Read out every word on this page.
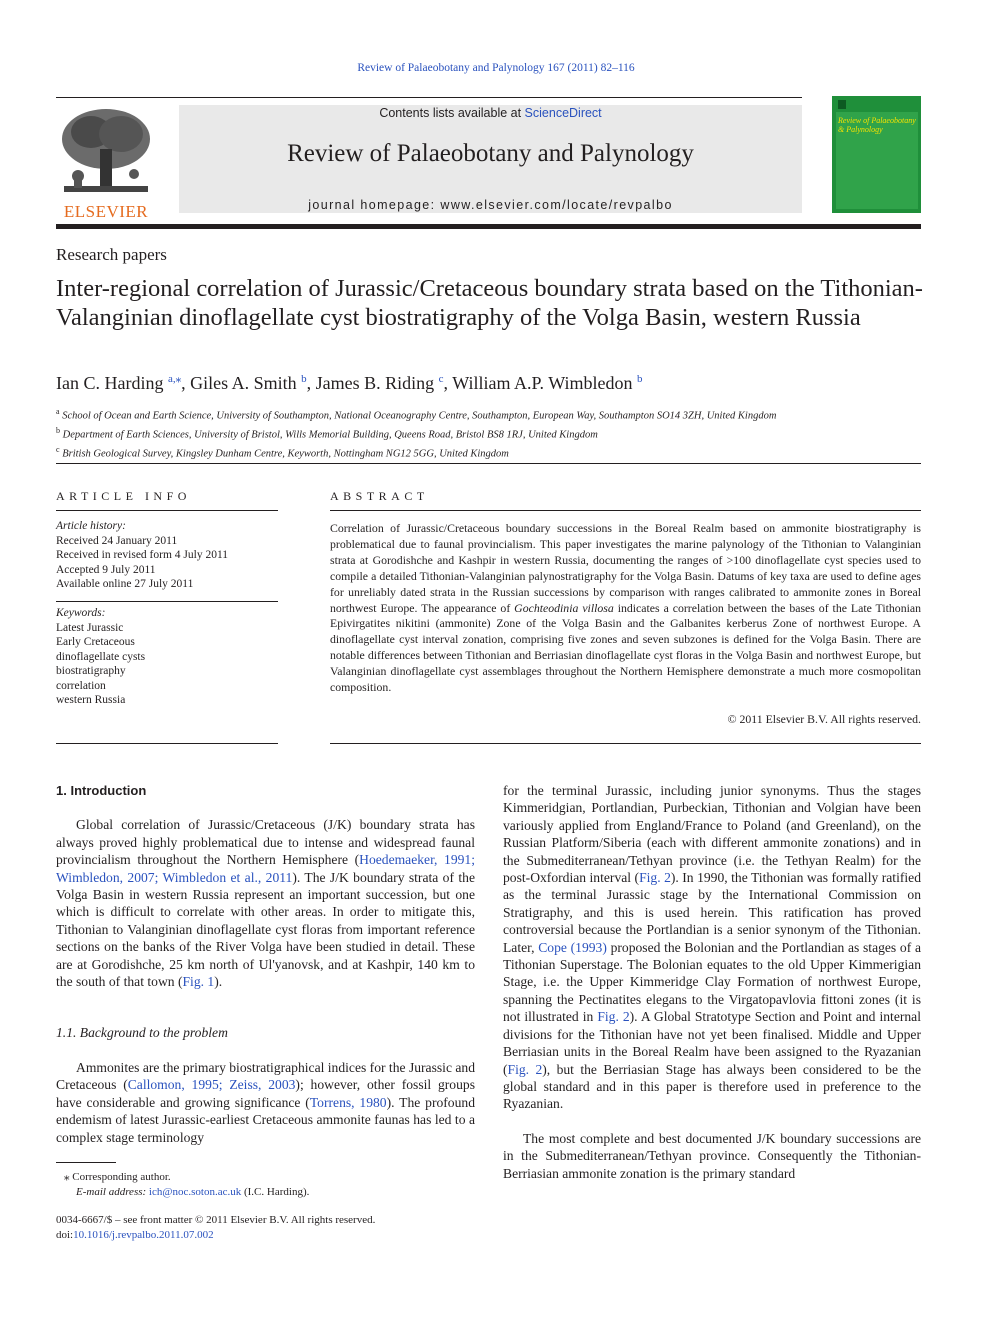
Review of Palaeobotany and Palynology 167 (2011) 82–116
ELSEVIER
Contents lists available at ScienceDirect
Review of Palaeobotany and Palynology
journal homepage: www.elsevier.com/locate/revpalbo
Review of Palaeobotany & Palynology
Research papers
Inter-regional correlation of Jurassic/Cretaceous boundary strata based on the Tithonian-Valanginian dinoflagellate cyst biostratigraphy of the Volga Basin, western Russia
Ian C. Harding $^{a,⁎}$, Giles A. Smith $^b$, James B. Riding $^c$, William A.P. Wimbledon $^b$
$^a$ School of Ocean and Earth Science, University of Southampton, National Oceanography Centre, Southampton, European Way, Southampton SO14 3ZH, United Kingdom
$^b$ Department of Earth Sciences, University of Bristol, Wills Memorial Building, Queens Road, Bristol BS8 1RJ, United Kingdom
$^c$ British Geological Survey, Kingsley Dunham Centre, Keyworth, Nottingham NG12 5GG, United Kingdom
ARTICLE INFO
Article history:
Received 24 January 2011
Received in revised form 4 July 2011
Accepted 9 July 2011
Available online 27 July 2011
Keywords:
Latest Jurassic
Early Cretaceous
dinoflagellate cysts
biostratigraphy
correlation
western Russia
ABSTRACT
Correlation of Jurassic/Cretaceous boundary successions in the Boreal Realm based on ammonite biostratigraphy is problematical due to faunal provincialism. This paper investigates the marine palynology of the Tithonian to Valanginian strata at Gorodishche and Kashpir in western Russia, documenting the ranges of >100 dinoflagellate cyst species used to compile a detailed Tithonian-Valanginian palynostratigraphy for the Volga Basin. Datums of key taxa are used to define ages for unreliably dated strata in the Russian successions by comparison with ranges calibrated to ammonite zones in Boreal northwest Europe. The appearance of Gochteodinia villosa indicates a correlation between the bases of the Late Tithonian Epivirgatites nikitini (ammonite) Zone of the Volga Basin and the Galbanites kerberus Zone of northwest Europe. A dinoflagellate cyst interval zonation, comprising five zones and seven subzones is defined for the Volga Basin. There are notable differences between Tithonian and Berriasian dinoflagellate cyst floras in the Volga Basin and northwest Europe, but Valanginian dinoflagellate cyst assemblages throughout the Northern Hemisphere demonstrate a much more cosmopolitan composition.
© 2011 Elsevier B.V. All rights reserved.
1. Introduction

Global correlation of Jurassic/Cretaceous (J/K) boundary strata has always proved highly problematical due to intense and widespread faunal provincialism throughout the Northern Hemisphere (Hoedemaeker, 1991; Wimbledon, 2007; Wimbledon et al., 2011). The J/K boundary strata of the Volga Basin in western Russia represent an important succession, but one which is difficult to correlate with other areas. In order to mitigate this, Tithonian to Valanginian dinoflagellate cyst floras from important reference sections on the banks of the River Volga have been studied in detail. These are at Gorodishche, 25 km north of Ul'yanovsk, and at Kashpir, 140 km to the south of that town (Fig. 1).

1.1. Background to the problem

Ammonites are the primary biostratigraphical indices for the Jurassic and Cretaceous (Callomon, 1995; Zeiss, 2003); however, other fossil groups have considerable and growing significance (Torrens, 1980). The profound endemism of latest Jurassic-earliest Cretaceous ammonite faunas has led to a complex stage terminology

for the terminal Jurassic, including junior synonyms. Thus the stages Kimmeridgian, Portlandian, Purbeckian, Tithonian and Volgian have been variously applied from England/France to Poland (and Greenland), on the Russian Platform/Siberia (each with different ammonite zonations) and in the Submediterranean/Tethyan province (i.e. the Tethyan Realm) for the post-Oxfordian interval (Fig. 2). In 1990, the Tithonian was formally ratified as the terminal Jurassic stage by the International Commission on Stratigraphy, and this is used herein. This ratification has proved controversial because the Portlandian is a senior synonym of the Tithonian. Later, Cope (1993) proposed the Bolonian and the Portlandian as stages of a Tithonian Superstage. The Bolonian equates to the old Upper Kimmerigian Stage, i.e. the Upper Kimmeridge Clay Formation of northwest Europe, spanning the Pectinatites elegans to the Virgatopavlovia fittoni zones (it is not illustrated in Fig. 2). A Global Stratotype Section and Point and internal divisions for the Tithonian have not yet been finalised. Middle and Upper Berriasian units in the Boreal Realm have been assigned to the Ryazanian (Fig. 2), but the Berriasian Stage has always been considered to be the global standard and in this paper is therefore used in preference to the Ryazanian.

The most complete and best documented J/K boundary successions are in the Submediterranean/Tethyan province. Consequently the Tithonian-Berriasian ammonite zonation is the primary standard

⁎ Corresponding author.
E-mail address: ich@noc.soton.ac.uk (I.C. Harding).
0034-6667/$ – see front matter © 2011 Elsevier B.V. All rights reserved.
doi:10.1016/j.revpalbo.2011.07.002
